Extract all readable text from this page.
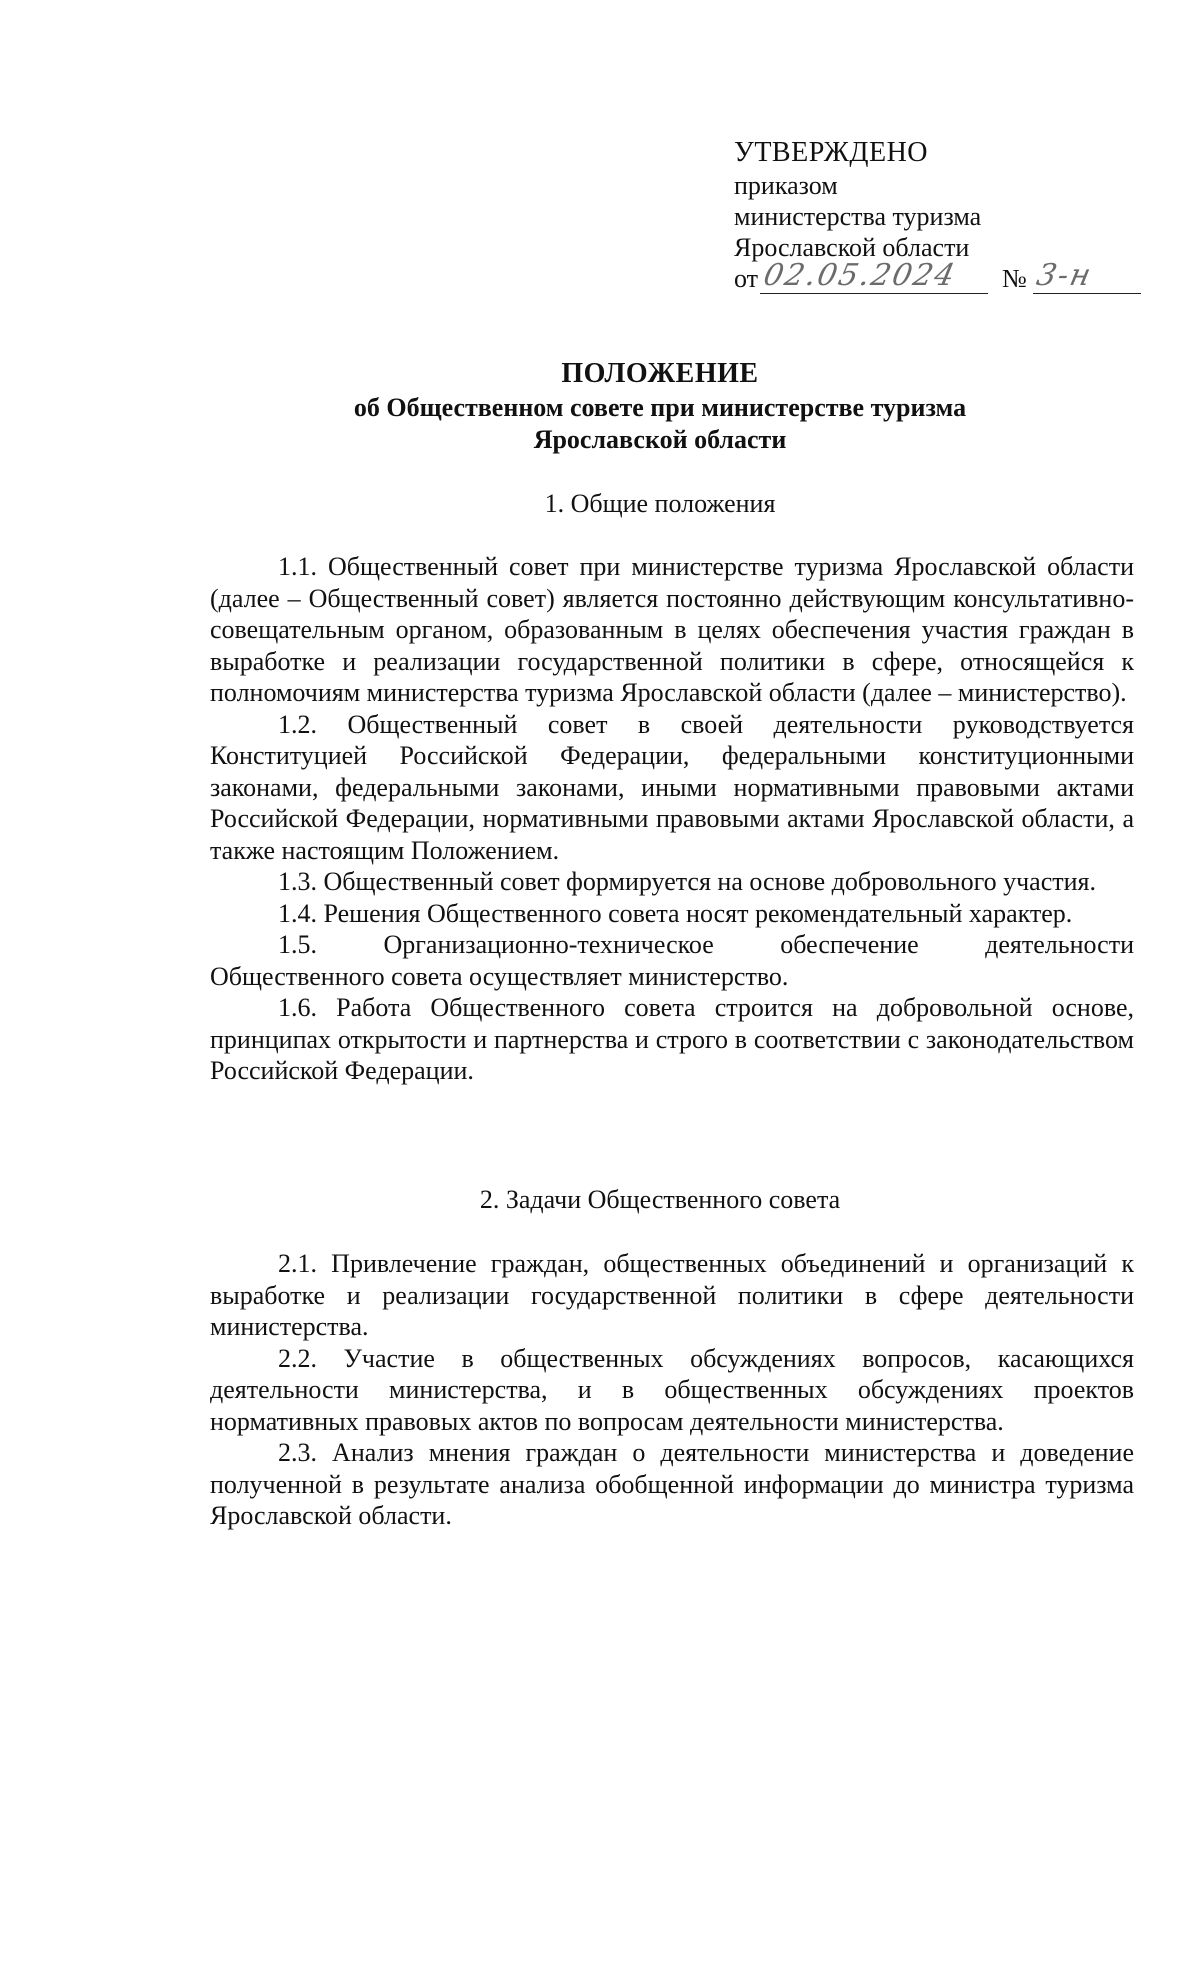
УТВЕРЖДЕНО
приказом
министерства туризма
Ярославской области
от 02.05.2024 № 3-н
ПОЛОЖЕНИЕ
об Общественном совете при министерстве туризма
Ярославской области
1. Общие положения

1.1. Общественный совет при министерстве туризма Ярославской области (далее – Общественный совет) является постоянно действующим консультативно-совещательным органом, образованным в целях обеспечения участия граждан в выработке и реализации государственной политики в сфере, относящейся к полномочиям министерства туризма Ярославской области (далее – министерство).

1.2. Общественный совет в своей деятельности руководствуется Конституцией Российской Федерации, федеральными конституционными законами, федеральными законами, иными нормативными правовыми актами Российской Федерации, нормативными правовыми актами Ярославской области, а также настоящим Положением.

1.3. Общественный совет формируется на основе добровольного участия.

1.4. Решения Общественного совета носят рекомендательный характер.

1.5. Организационно-техническое обеспечение деятельности Общественного совета осуществляет министерство.

1.6. Работа Общественного совета строится на добровольной основе, принципах открытости и партнерства и строго в соответствии с законодательством Российской Федерации.

2. Задачи Общественного совета

2.1. Привлечение граждан, общественных объединений и организаций к выработке и реализации государственной политики в сфере деятельности министерства.

2.2. Участие в общественных обсуждениях вопросов, касающихся деятельности министерства, и в общественных обсуждениях проектов нормативных правовых актов по вопросам деятельности министерства.

2.3. Анализ мнения граждан о деятельности министерства и доведение полученной в результате анализа обобщенной информации до министра туризма Ярославской области.
